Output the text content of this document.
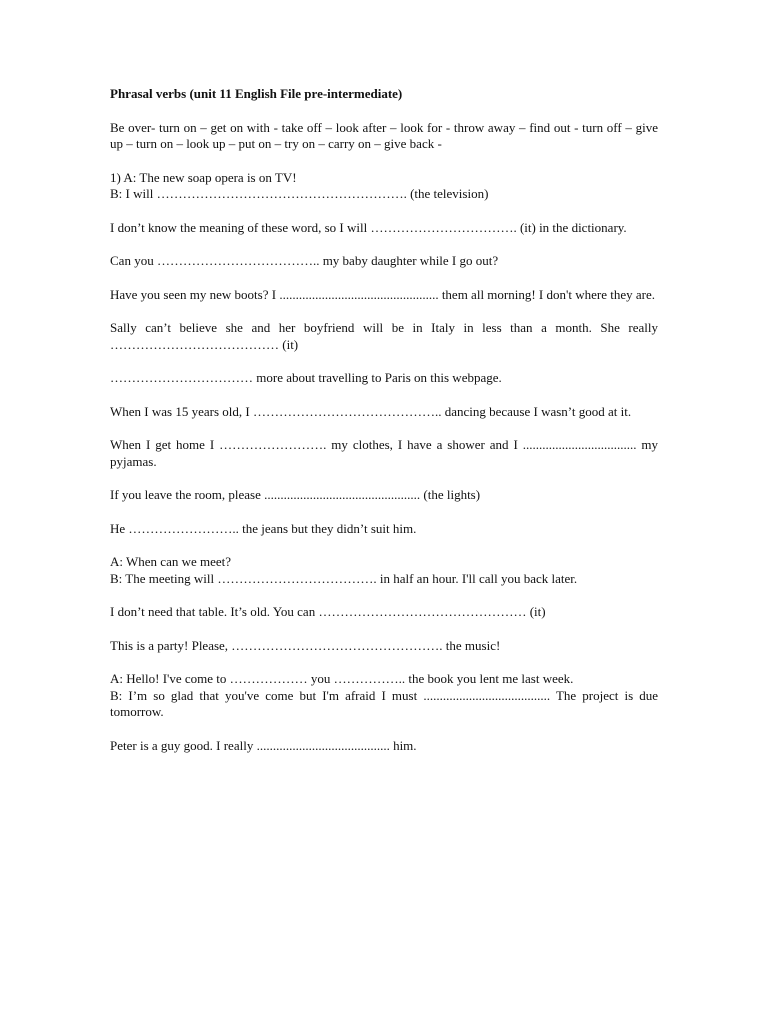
Phrasal verbs (unit 11 English File pre-intermediate)
Be over- turn on – get on with - take off – look after – look for - throw away – find out - turn off – give up – turn on – look up – put on – try on – carry on – give back -
1) A: The new soap opera is on TV!
B: I will …………………………………………………. (the television)
I don’t know the meaning of these word, so I will ……………………………. (it) in the dictionary.
Can you ……………………………….. my baby daughter while I go out?
Have you seen my new boots? I ................................................. them all morning! I don't where they are.
Sally can’t believe she and her boyfriend will be in Italy in less than a month. She really ………………………………… (it)
…………………………… more about travelling to Paris on this webpage.
When I was 15 years old, I …………………………………….. dancing because I wasn’t good at it.
When I get home I ……………………. my clothes, I have a shower and I ................................... my pyjamas.
If you leave the room, please ................................................ (the lights)
He …………………….. the jeans but they didn’t suit him.
A: When can we meet?
B: The meeting will ………………………………. in half an hour. I'll call you back later.
I don’t need that table. It’s old. You can ………………………………………… (it)
This is a party! Please, …………………………………………. the music!
A: Hello! I've come to ……………… you …………….. the book you lent me last week.
B: I’m so glad that you've come but I'm afraid I must ....................................... The project is due tomorrow.
Peter is a guy good. I really ......................................... him.
